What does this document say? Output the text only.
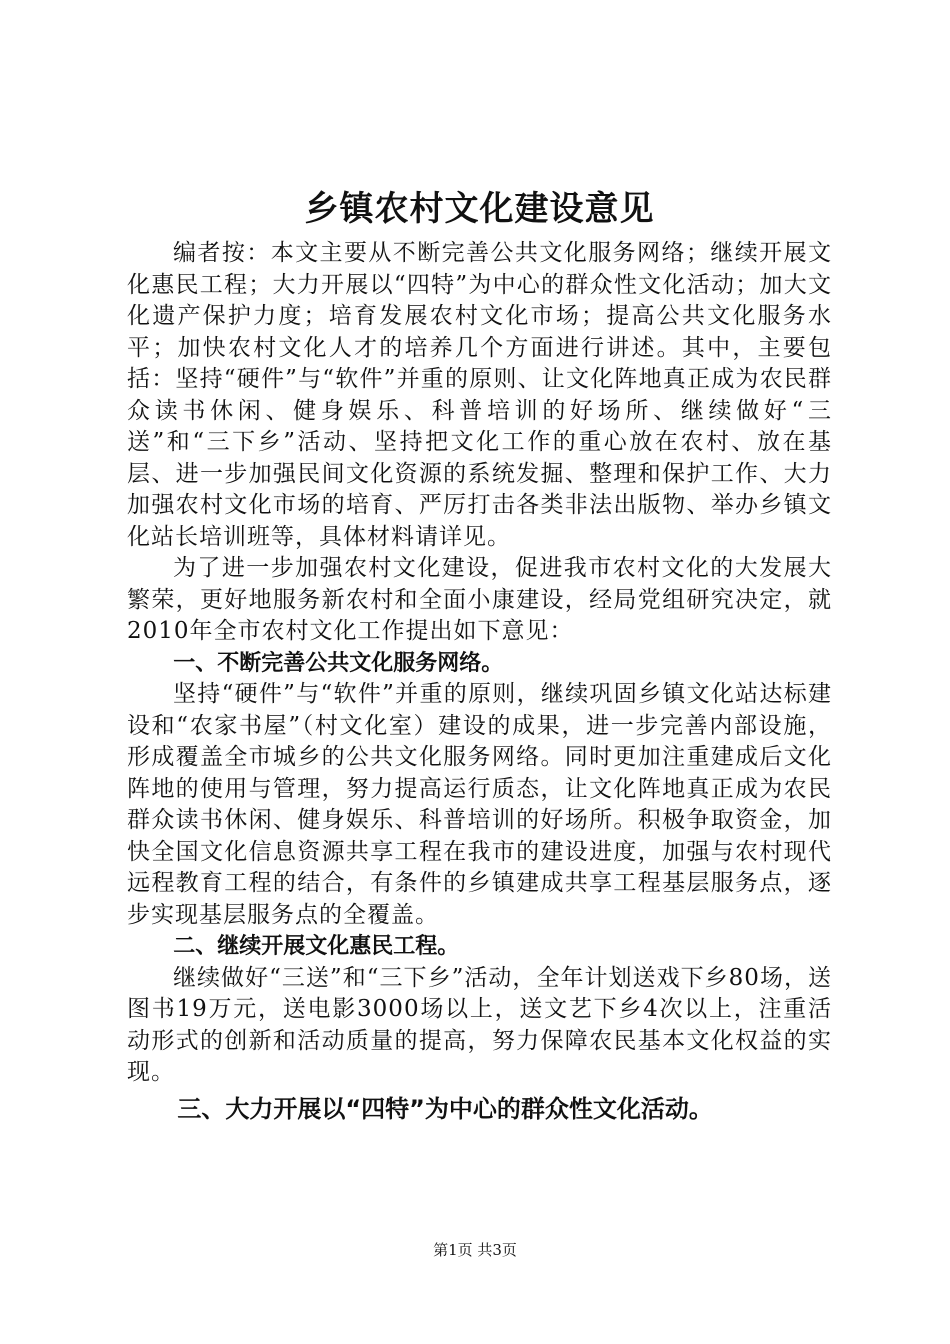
乡镇农村文化建设意见

编者按：本文主要从不断完善公共文化服务网络；继续开展文化惠民工程；大力开展以“四特”为中心的群众性文化活动；加大文化遗产保护力度；培育发展农村文化市场；提高公共文化服务水平；加快农村文化人才的培养几个方面进行讲述。其中，主要包括：坚持“硬件”与“软件”并重的原则、让文化阵地真正成为农民群众读书休闲、健身娱乐、科普培训的好场所、继续做好“三送”和“三下乡”活动、坚持把文化工作的重心放在农村、放在基层、进一步加强民间文化资源的系统发掘、整理和保护工作、大力加强农村文化市场的培育、严厉打击各类非法出版物、举办乡镇文化站长培训班等，具体材料请详见。

为了进一步加强农村文化建设，促进我市农村文化的大发展大繁荣，更好地服务新农村和全面小康建设，经局党组研究决定，就2010年全市农村文化工作提出如下意见：

一、不断完善公共文化服务网络。

坚持“硬件”与“软件”并重的原则，继续巩固乡镇文化站达标建设和“农家书屋”（村文化室）建设的成果，进一步完善内部设施，形成覆盖全市城乡的公共文化服务网络。同时更加注重建成后文化阵地的使用与管理，努力提高运行质态，让文化阵地真正成为农民群众读书休闲、健身娱乐、科普培训的好场所。积极争取资金，加快全国文化信息资源共享工程在我市的建设进度，加强与农村现代远程教育工程的结合，有条件的乡镇建成共享工程基层服务点，逐步实现基层服务点的全覆盖。

二、继续开展文化惠民工程。

继续做好“三送”和“三下乡”活动，全年计划送戏下乡80场，送图书19万元，送电影3000场以上，送文艺下乡4次以上，注重活动形式的创新和活动质量的提高，努力保障农民基本文化权益的实现。

三、大力开展以“四特”为中心的群众性文化活动。

第1页 共3页
